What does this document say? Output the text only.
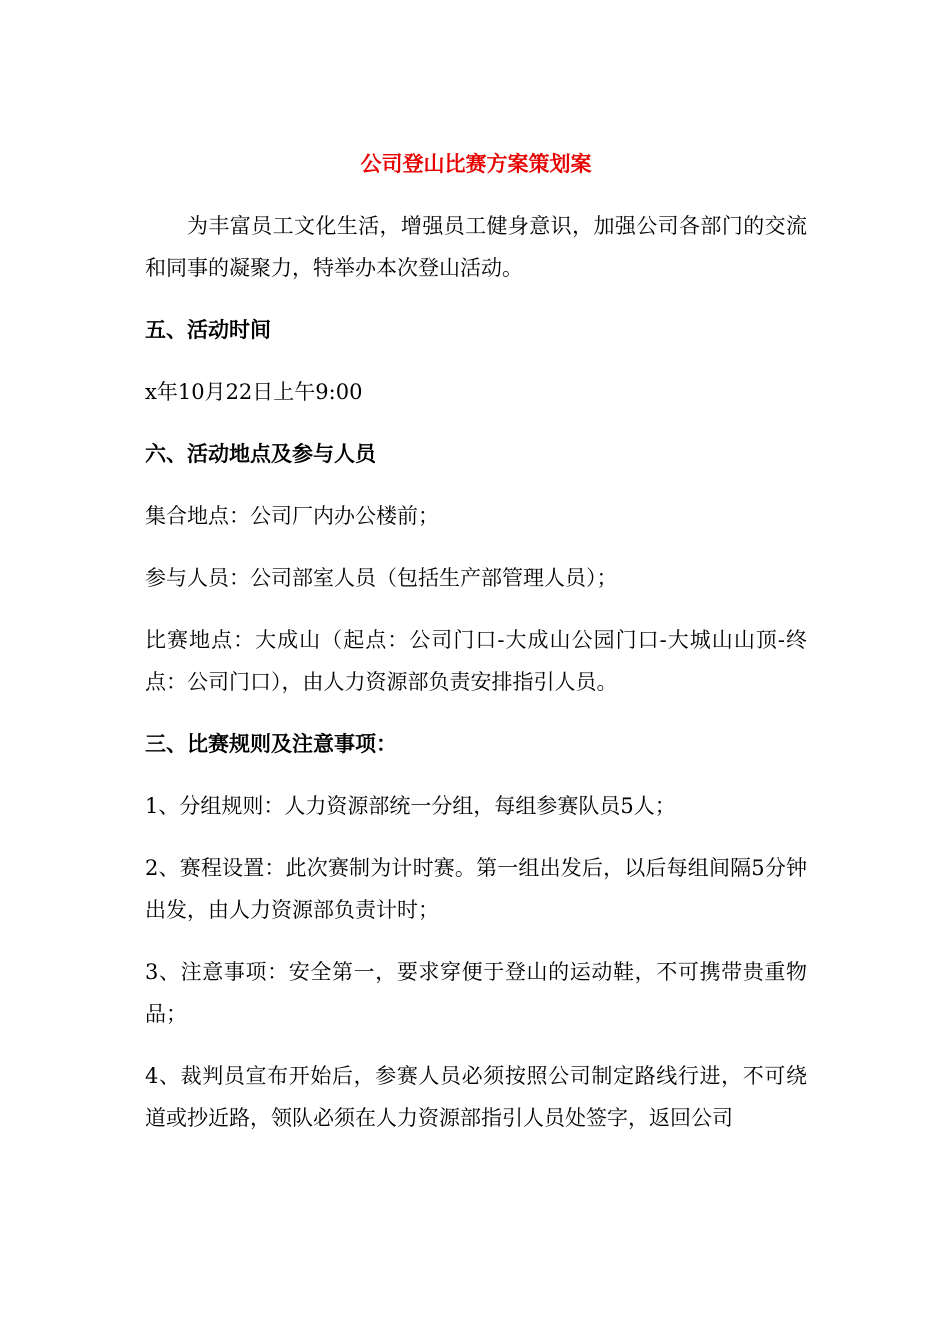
公司登山比赛方案策划案
为丰富员工文化生活，增强员工健身意识，加强公司各部门的交流和同事的凝聚力，特举办本次登山活动。
五、活动时间
x年10月22日上午9:00
六、活动地点及参与人员
集合地点：公司厂内办公楼前；
参与人员：公司部室人员（包括生产部管理人员）；
比赛地点：大成山（起点：公司门口-大成山公园门口-大城山山顶-终点：公司门口），由人力资源部负责安排指引人员。
三、比赛规则及注意事项：
1、分组规则：人力资源部统一分组，每组参赛队员5人；
2、赛程设置：此次赛制为计时赛。第一组出发后，以后每组间隔5分钟出发，由人力资源部负责计时；
3、注意事项：安全第一，要求穿便于登山的运动鞋，不可携带贵重物品；
4、裁判员宣布开始后，参赛人员必须按照公司制定路线行进，不可绕道或抄近路，领队必须在人力资源部指引人员处签字，返回公司
